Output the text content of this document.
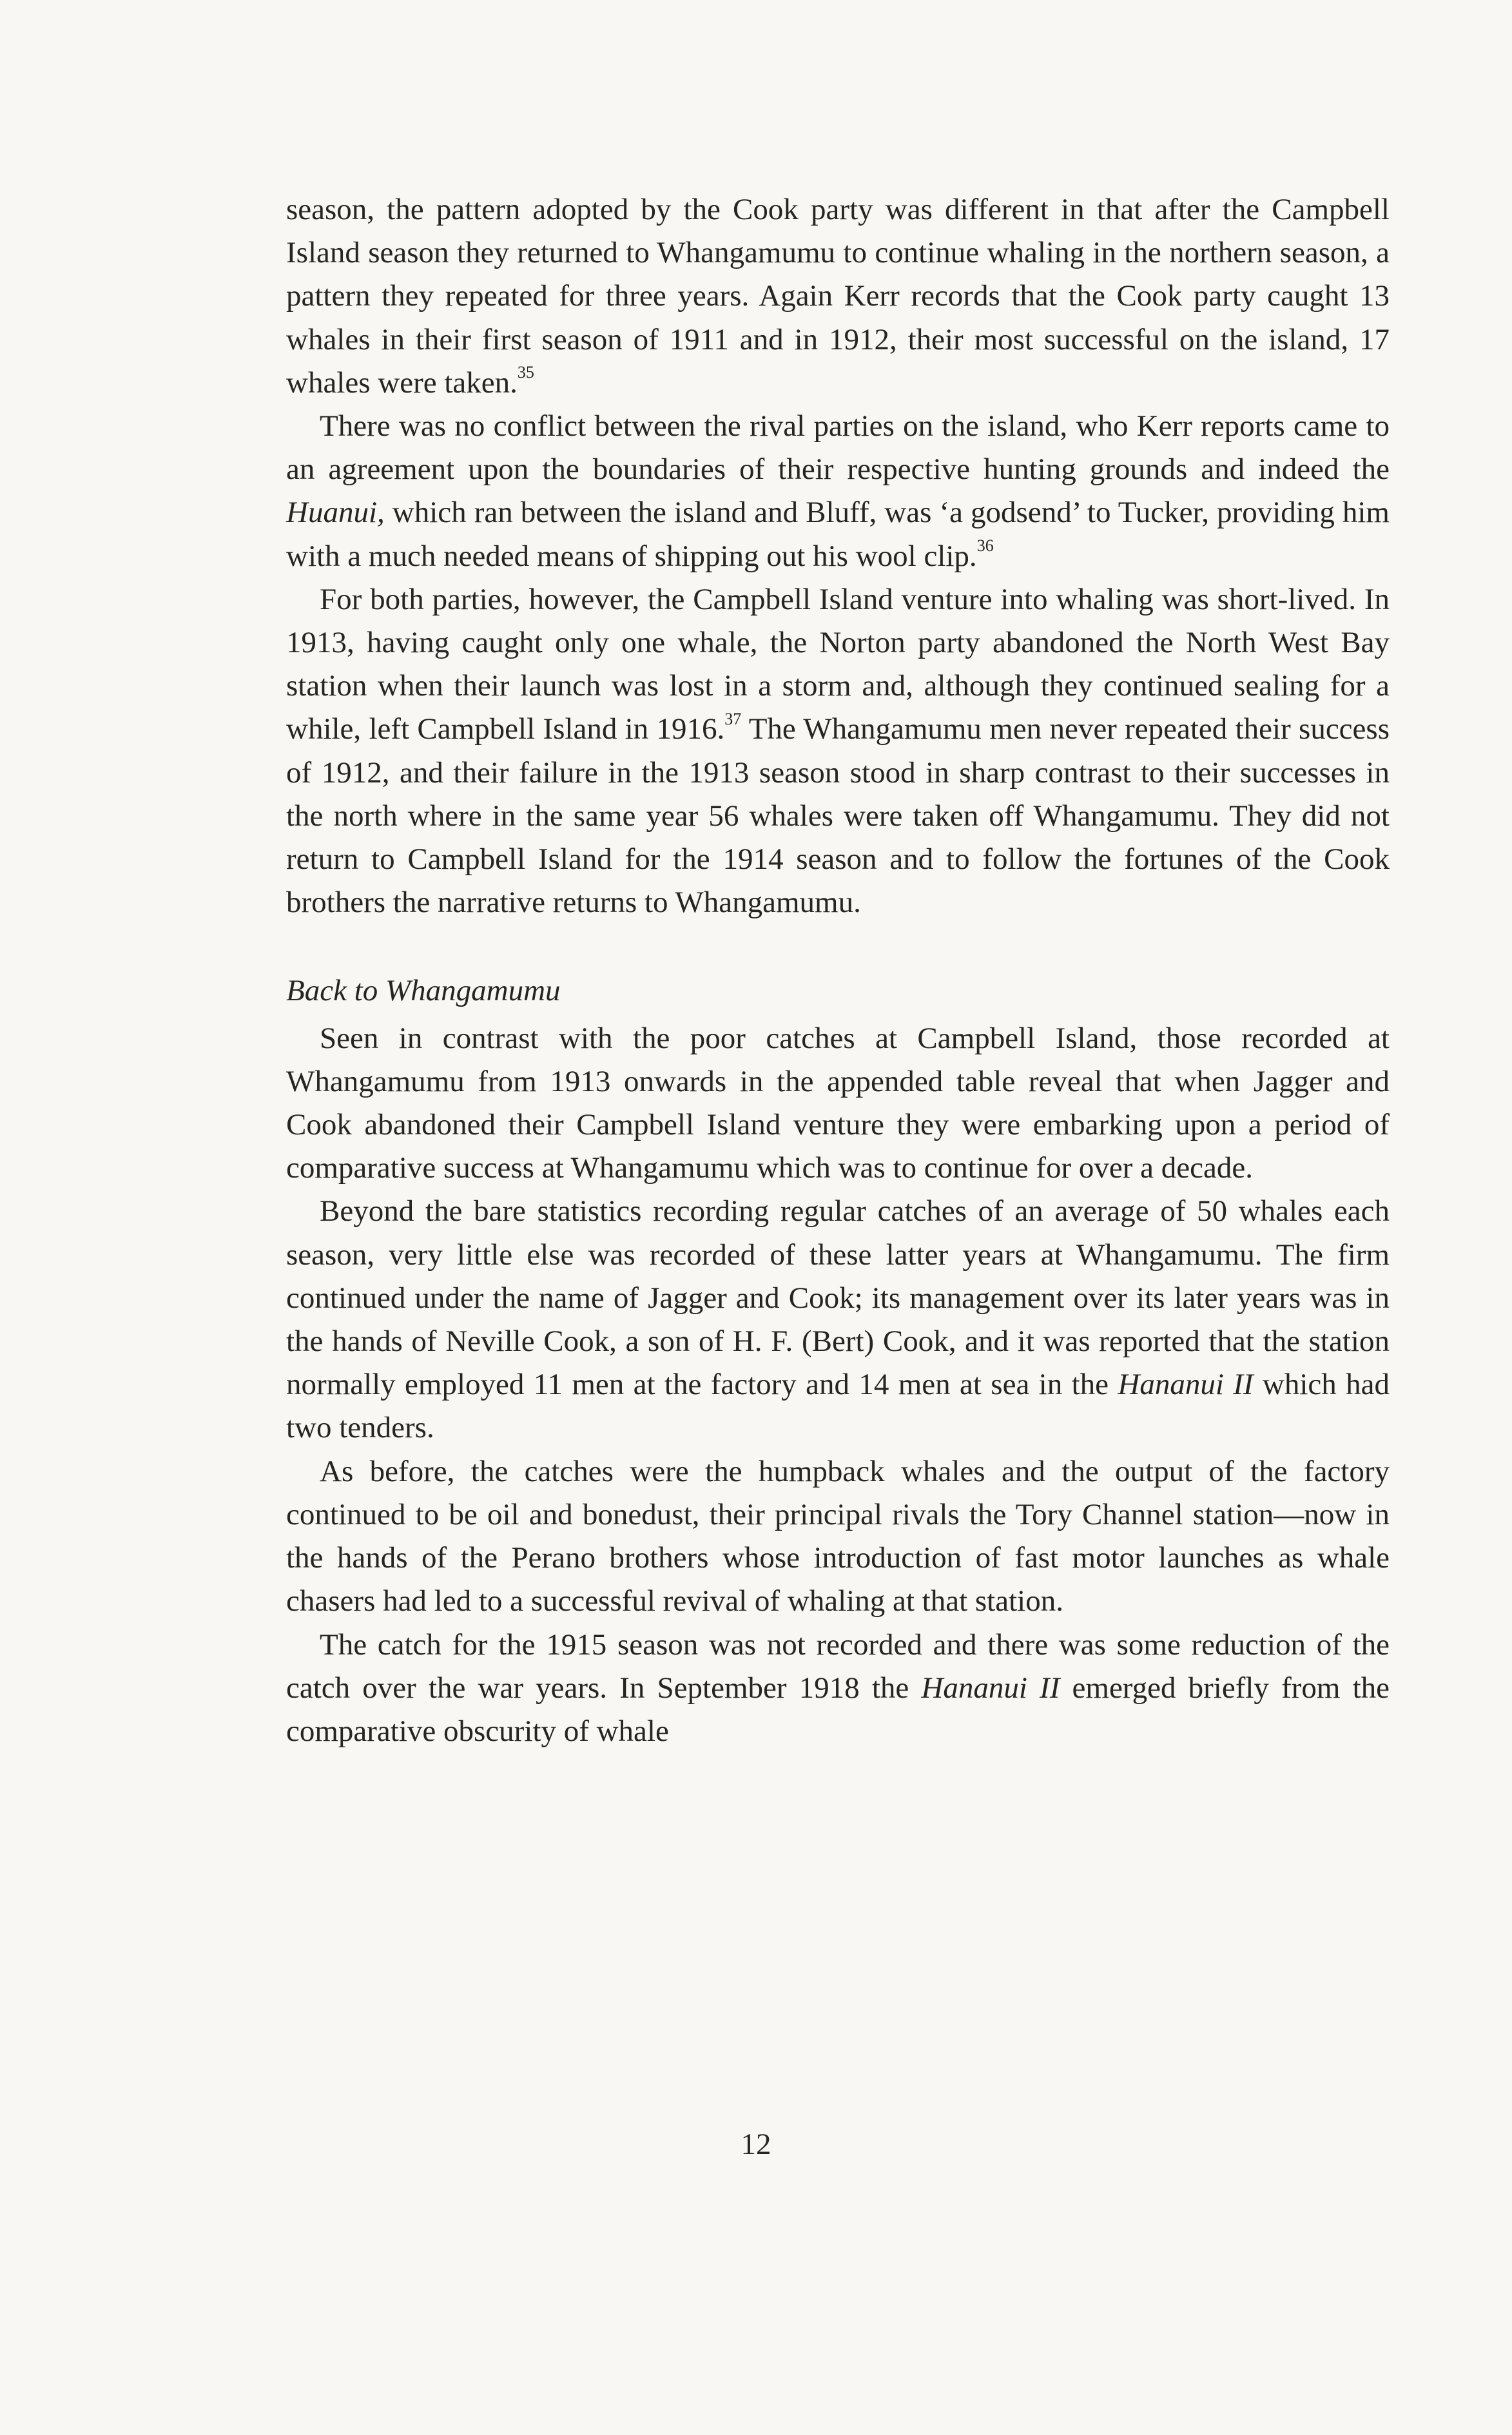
season, the pattern adopted by the Cook party was different in that after the Campbell Island season they returned to Whangamumu to continue whaling in the northern season, a pattern they repeated for three years. Again Kerr records that the Cook party caught 13 whales in their first season of 1911 and in 1912, their most successful on the island, 17 whales were taken.$^{35}$

There was no conflict between the rival parties on the island, who Kerr reports came to an agreement upon the boundaries of their respective hunting grounds and indeed the Huanui, which ran between the island and Bluff, was ‘a godsend’ to Tucker, providing him with a much needed means of shipping out his wool clip.$^{36}$

For both parties, however, the Campbell Island venture into whaling was short-lived. In 1913, having caught only one whale, the Norton party abandoned the North West Bay station when their launch was lost in a storm and, although they continued sealing for a while, left Campbell Island in 1916.37 The Whangamumu men never repeated their success of 1912, and their failure in the 1913 season stood in sharp contrast to their successes in the north where in the same year 56 whales were taken off Whangamumu. They did not return to Campbell Island for the 1914 season and to follow the fortunes of the Cook brothers the narrative returns to Whangamumu.

Back to Whangamumu

Seen in contrast with the poor catches at Campbell Island, those recorded at Whangamumu from 1913 onwards in the appended table reveal that when Jagger and Cook abandoned their Campbell Island venture they were embarking upon a period of comparative success at Whangamumu which was to continue for over a decade.

Beyond the bare statistics recording regular catches of an average of 50 whales each season, very little else was recorded of these latter years at Whangamumu. The firm continued under the name of Jagger and Cook; its management over its later years was in the hands of Neville Cook, a son of H. F. (Bert) Cook, and it was reported that the station normally employed 11 men at the factory and 14 men at sea in the Hananui II which had two tenders.

As before, the catches were the humpback whales and the output of the factory continued to be oil and bonedust, their principal rivals the Tory Channel station—now in the hands of the Perano brothers whose introduction of fast motor launches as whale chasers had led to a successful revival of whaling at that station.

The catch for the 1915 season was not recorded and there was some reduction of the catch over the war years. In September 1918 the Hananui II emerged briefly from the comparative obscurity of whale

12
